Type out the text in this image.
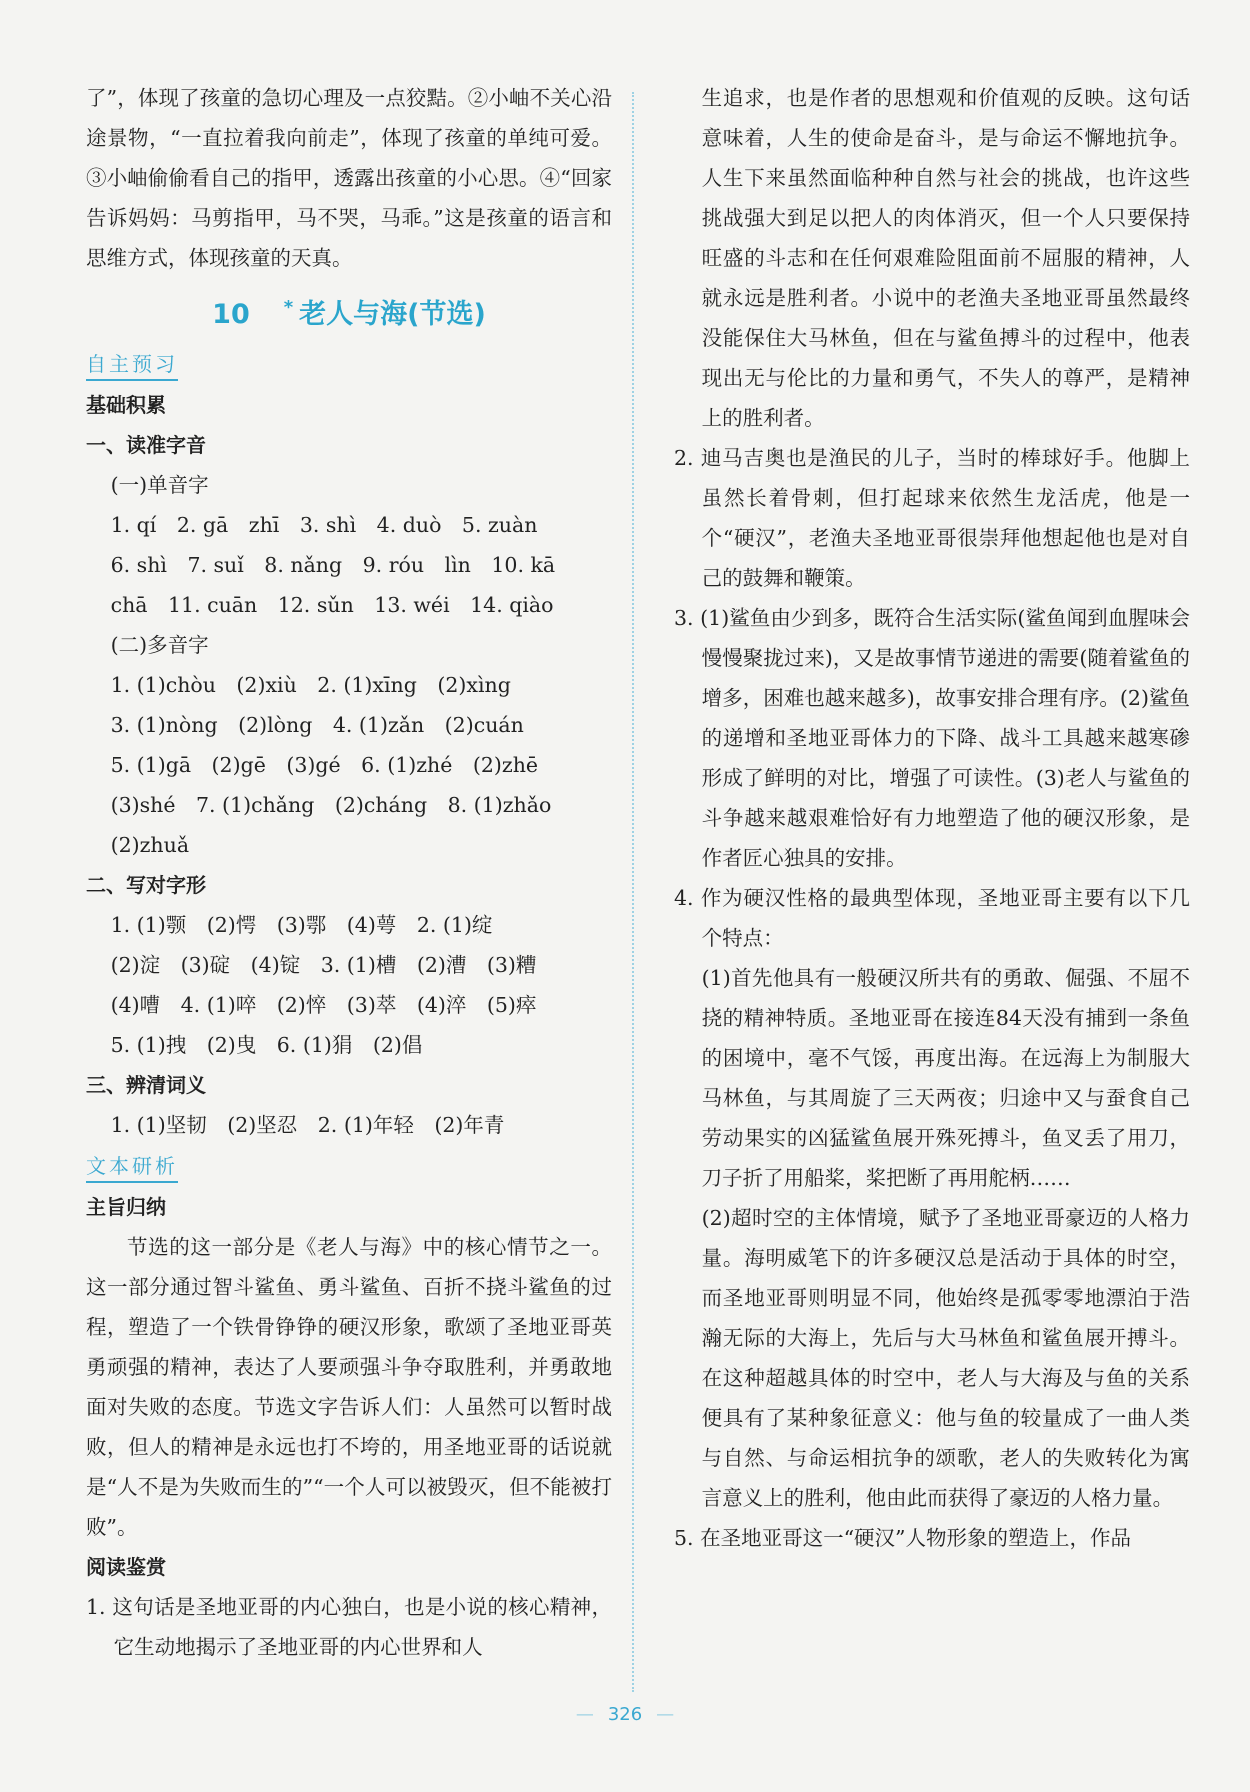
了”，体现了孩童的急切心理及一点狡黠。②小岫不关心沿途景物，“一直拉着我向前走”，体现了孩童的单纯可爱。③小岫偷偷看自己的指甲，透露出孩童的小心思。④“回家告诉妈妈：马剪指甲，马不哭，马乖。”这是孩童的语言和思维方式，体现孩童的天真。

10 * 老人与海(节选)
自主预习
基础积累
一、读准字音
(一)单音字
1. qí　2. gā　zhī　3. shì　4. duò　5. zuàn
6. shì　7. suǐ　8. nǎng　9. róu　lìn　10. kā
chā　11. cuān　12. sǔn　13. wéi　14. qiào
(二)多音字
1. (1)chòu　(2)xiù　2. (1)xīng　(2)xìng
3. (1)nòng　(2)lòng　4. (1)zǎn　(2)cuán
5. (1)gā　(2)gē　(3)gé　6. (1)zhé　(2)zhē
(3)shé　7. (1)chǎng　(2)cháng　8. (1)zhǎo
(2)zhuǎ
二、写对字形
1. (1)颚　(2)愕　(3)鄂　(4)萼　2. (1)绽
(2)淀　(3)碇　(4)锭　3. (1)槽　(2)漕　(3)糟
(4)嘈　4. (1)啐　(2)悴　(3)萃　(4)淬　(5)瘁
5. (1)拽　(2)曳　6. (1)狷　(2)倡
三、辨清词义
1. (1)坚韧　(2)坚忍　2. (1)年轻　(2)年青
文本研析
主旨归纳

节选的这一部分是《老人与海》中的核心情节之一。这一部分通过智斗鲨鱼、勇斗鲨鱼、百折不挠斗鲨鱼的过程，塑造了一个铁骨铮铮的硬汉形象，歌颂了圣地亚哥英勇顽强的精神，表达了人要顽强斗争夺取胜利，并勇敢地面对失败的态度。节选文字告诉人们：人虽然可以暂时战败，但人的精神是永远也打不垮的，用圣地亚哥的话说就是“人不是为失败而生的”“一个人可以被毁灭，但不能被打败”。

阅读鉴赏

1. 这句话是圣地亚哥的内心独白，也是小说的核心精神，它生动地揭示了圣地亚哥的内心世界和人

生追求，也是作者的思想观和价值观的反映。这句话意味着，人生的使命是奋斗，是与命运不懈地抗争。人生下来虽然面临种种自然与社会的挑战，也许这些挑战强大到足以把人的肉体消灭，但一个人只要保持旺盛的斗志和在任何艰难险阻面前不屈服的精神，人就永远是胜利者。小说中的老渔夫圣地亚哥虽然最终没能保住大马林鱼，但在与鲨鱼搏斗的过程中，他表现出无与伦比的力量和勇气，不失人的尊严，是精神上的胜利者。

2. 迪马吉奥也是渔民的儿子，当时的棒球好手。他脚上虽然长着骨刺，但打起球来依然生龙活虎，他是一个“硬汉”，老渔夫圣地亚哥很崇拜他想起他也是对自己的鼓舞和鞭策。

3. (1)鲨鱼由少到多，既符合生活实际(鲨鱼闻到血腥味会慢慢聚拢过来)，又是故事情节递进的需要(随着鲨鱼的增多，困难也越来越多)，故事安排合理有序。(2)鲨鱼的递增和圣地亚哥体力的下降、战斗工具越来越寒碜形成了鲜明的对比，增强了可读性。(3)老人与鲨鱼的斗争越来越艰难恰好有力地塑造了他的硬汉形象，是作者匠心独具的安排。

4. 作为硬汉性格的最典型体现，圣地亚哥主要有以下几个特点：

(1)首先他具有一般硬汉所共有的勇敢、倔强、不屈不挠的精神特质。圣地亚哥在接连84天没有捕到一条鱼的困境中，毫不气馁，再度出海。在远海上为制服大马林鱼，与其周旋了三天两夜；归途中又与蚕食自己劳动果实的凶猛鲨鱼展开殊死搏斗，鱼叉丢了用刀，刀子折了用船桨，桨把断了再用舵柄……

(2)超时空的主体情境，赋予了圣地亚哥豪迈的人格力量。海明威笔下的许多硬汉总是活动于具体的时空，而圣地亚哥则明显不同，他始终是孤零零地漂泊于浩瀚无际的大海上，先后与大马林鱼和鲨鱼展开搏斗。在这种超越具体的时空中，老人与大海及与鱼的关系便具有了某种象征意义：他与鱼的较量成了一曲人类与自然、与命运相抗争的颂歌，老人的失败转化为寓言意义上的胜利，他由此而获得了豪迈的人格力量。

5. 在圣地亚哥这一“硬汉”人物形象的塑造上，作品

— 326 —
